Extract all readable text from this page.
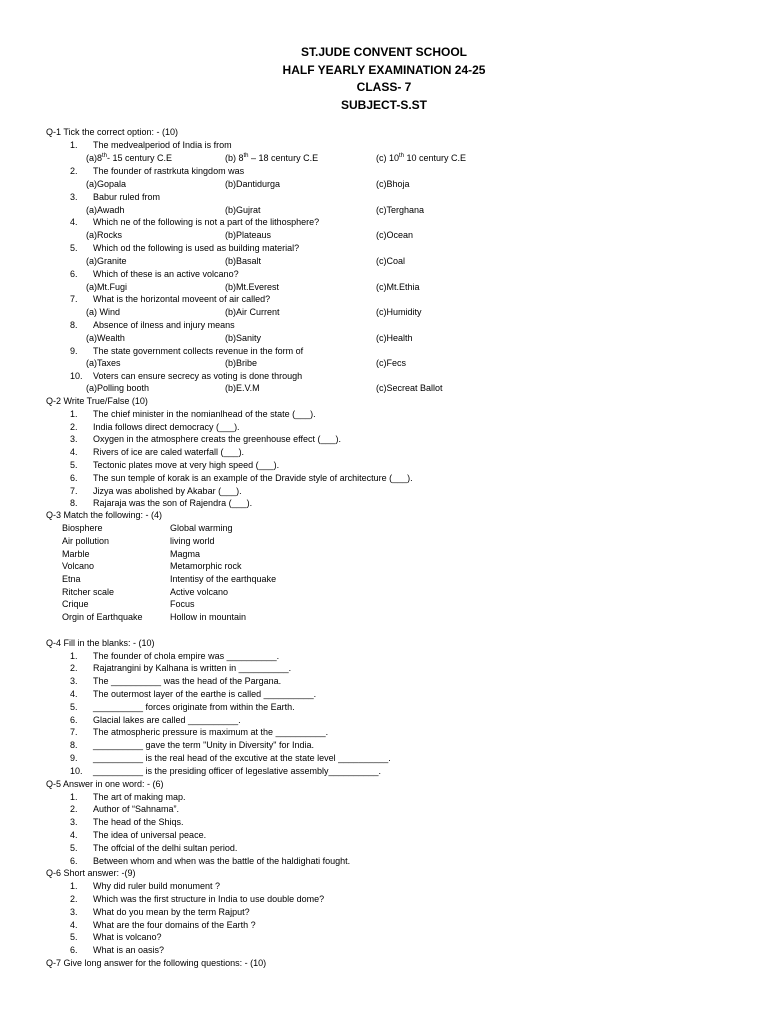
ST.JUDE CONVENT SCHOOL
HALF YEARLY EXAMINATION 24-25
CLASS- 7
SUBJECT-S.ST
Q-1 Tick the correct option: - (10)
1. The medvealperiod of India is from
(a)8th- 15 century C.E	(b) 8th – 18 century C.E	(c) 10th 10 century C.E
2. The founder of rastrkuta kingdom was
(a)Gopala	(b)Dantidurga	(c)Bhoja
3. Babur ruled from
(a)Awadh	(b)Gujrat	(c)Terghana
4. Which ne of the following is not a part of the lithosphere?
(a)Rocks	(b)Plateaus	(c)Ocean
5. Which od the following is used as building material?
(a)Granite	(b)Basalt	(c)Coal
6. Which of these is an active volcano?
(a)Mt.Fugi	(b)Mt.Everest	(c)Mt.Ethia
7. What is the horizontal moveent of air called?
(a) Wind	(b)Air Current	(c)Humidity
8. Absence of ilness and injury means
(a)Wealth	(b)Sanity	(c)Health
9. The state government collects revenue in the form of
(a)Taxes	(b)Bribe	(c)Fecs
10. Voters can ensure secrecy as voting is done through
(a)Polling booth	(b)E.V.M	(c)Secreat Ballot
Q-2 Write True/False (10)
1. The chief minister in the nomianlhead of the state (___).
2. India follows direct democracy (___).
3. Oxygen in the atmosphere creats the greenhouse effect (___).
4. Rivers of ice are caled waterfall (___).
5. Tectonic plates move at very high speed (___).
6. The sun temple of korak is an example of the Dravide style of architecture (___).
7. Jizya was abolished by Akabar (___).
8. Rajaraja was the son of Rajendra (___).
Q-3 Match the following: - (4)
Biosphere	Global warming
Air pollution	living world
Marble	Magma
Volcano	Metamorphic rock
Etna	Intentisy of the earthquake
Ritcher scale	Active volcano
Crique	Focus
Orgin of Earthquake	Hollow in mountain
Q-4 Fill in the blanks: - (10)
1. The founder of chola empire was __________.
2. Rajatrangini by Kalhana is written in __________.
3. The __________ was the head of the Pargana.
4. The outermost layer of the earthe is called __________.
5. __________ forces originate from within the Earth.
6. Glacial lakes are called __________.
7. The atmospheric pressure is maximum at the __________.
8. __________ gave the term "Unity in Diversity" for India.
9. __________ is the real head of the excutive at the state level __________.
10. __________ is the presiding officer of legeslative assembly__________.
Q-5 Answer in one word: - (6)
1. The art of making map.
2. Author of “Sahnama”.
3. The head of the Shiqs.
4. The idea of universal peace.
5. The offcial of the delhi sultan period.
6. Between whom and when was the battle of the haldighati fought.
Q-6 Short answer: -(9)
1. Why did ruler build monument ?
2. Which was the first structure in India to use double dome?
3. What do you mean by the term Rajput?
4. What are the four domains of the Earth ?
5. What is volcano?
6. What is an oasis?
Q-7 Give long answer for the following questions: - (10)
